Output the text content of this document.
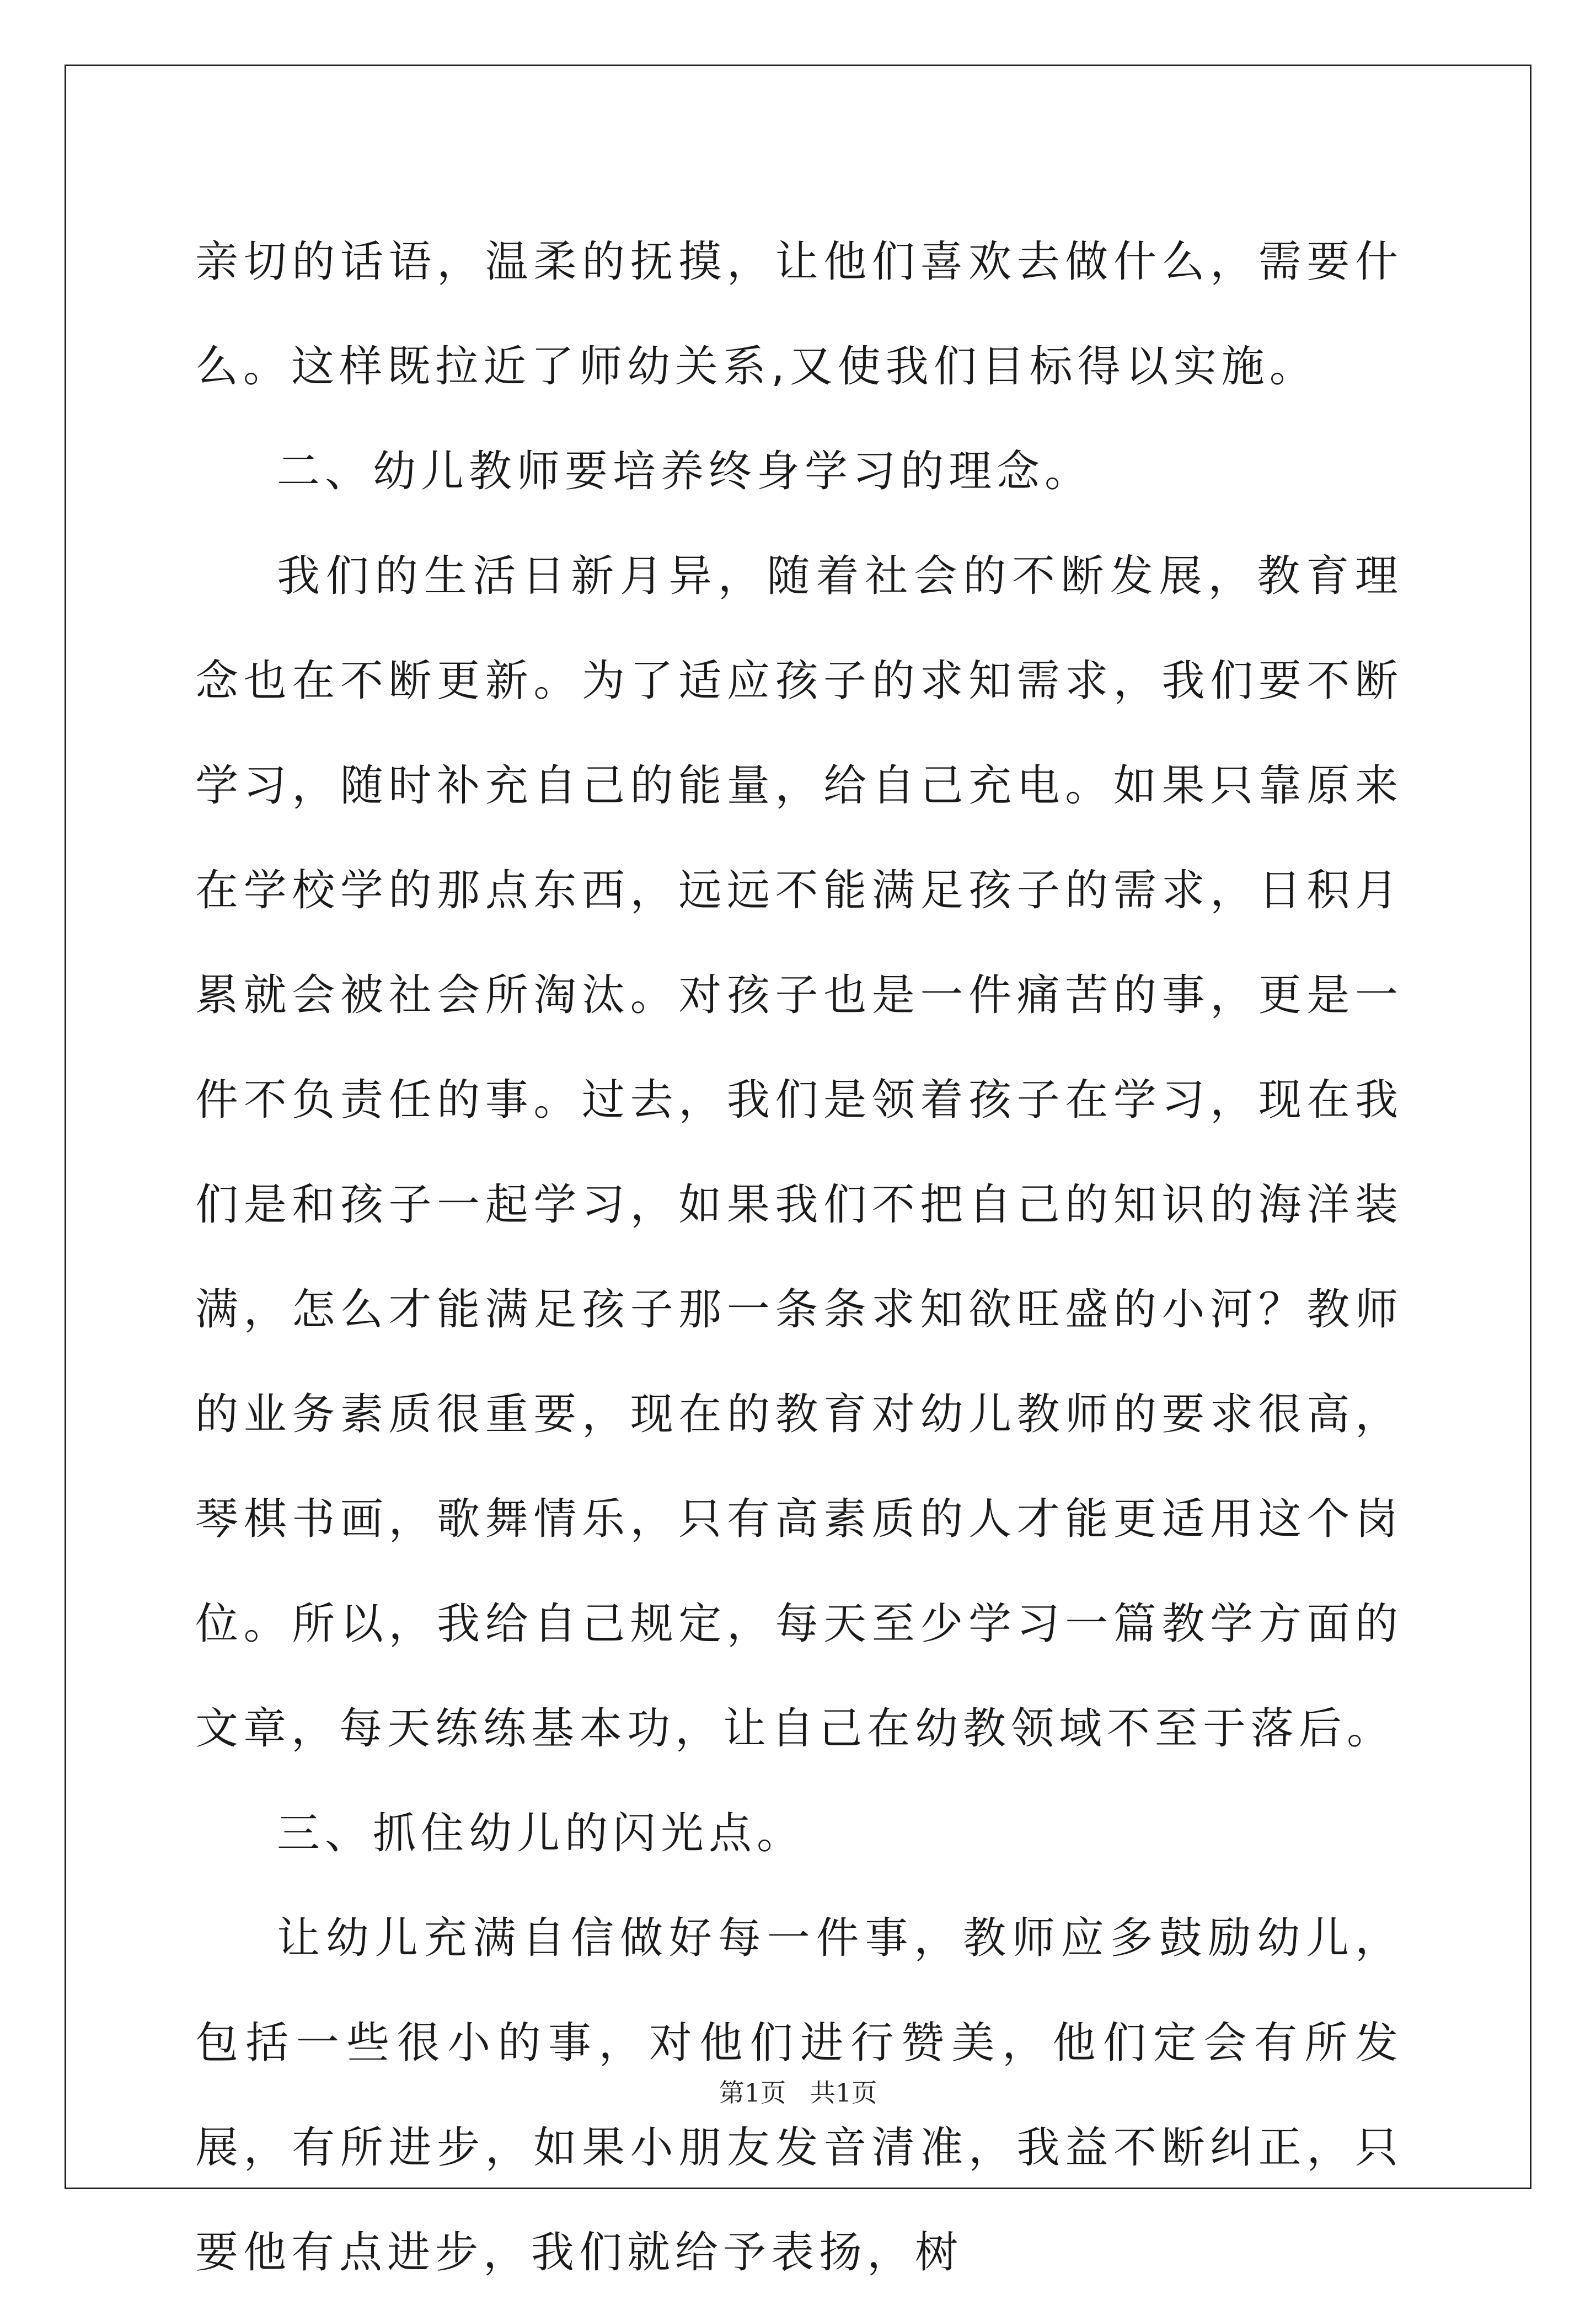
亲切的话语，温柔的抚摸，让他们喜欢去做什么，需要什么。这样既拉近了师幼关系,又使我们目标得以实施。

二、幼儿教师要培养终身学习的理念。

我们的生活日新月异，随着社会的不断发展，教育理念也在不断更新。为了适应孩子的求知需求，我们要不断学习，随时补充自己的能量，给自己充电。如果只靠原来在学校学的那点东西，远远不能满足孩子的需求，日积月累就会被社会所淘汰。对孩子也是一件痛苦的事，更是一件不负责任的事。过去，我们是领着孩子在学习，现在我们是和孩子一起学习，如果我们不把自己的知识的海洋装满，怎么才能满足孩子那一条条求知欲旺盛的小河？教师的业务素质很重要，现在的教育对幼儿教师的要求很高，琴棋书画，歌舞情乐，只有高素质的人才能更适用这个岗位。所以，我给自己规定，每天至少学习一篇教学方面的文章，每天练练基本功，让自己在幼教领域不至于落后。

三、抓住幼儿的闪光点。

让幼儿充满自信做好每一件事，教师应多鼓励幼儿，包括一些很小的事，对他们进行赞美，他们定会有所发展，有所进步，如果小朋友发音清准，我益不断纠正，只要他有点进步，我们就给予表扬，树

第1页   共1页
